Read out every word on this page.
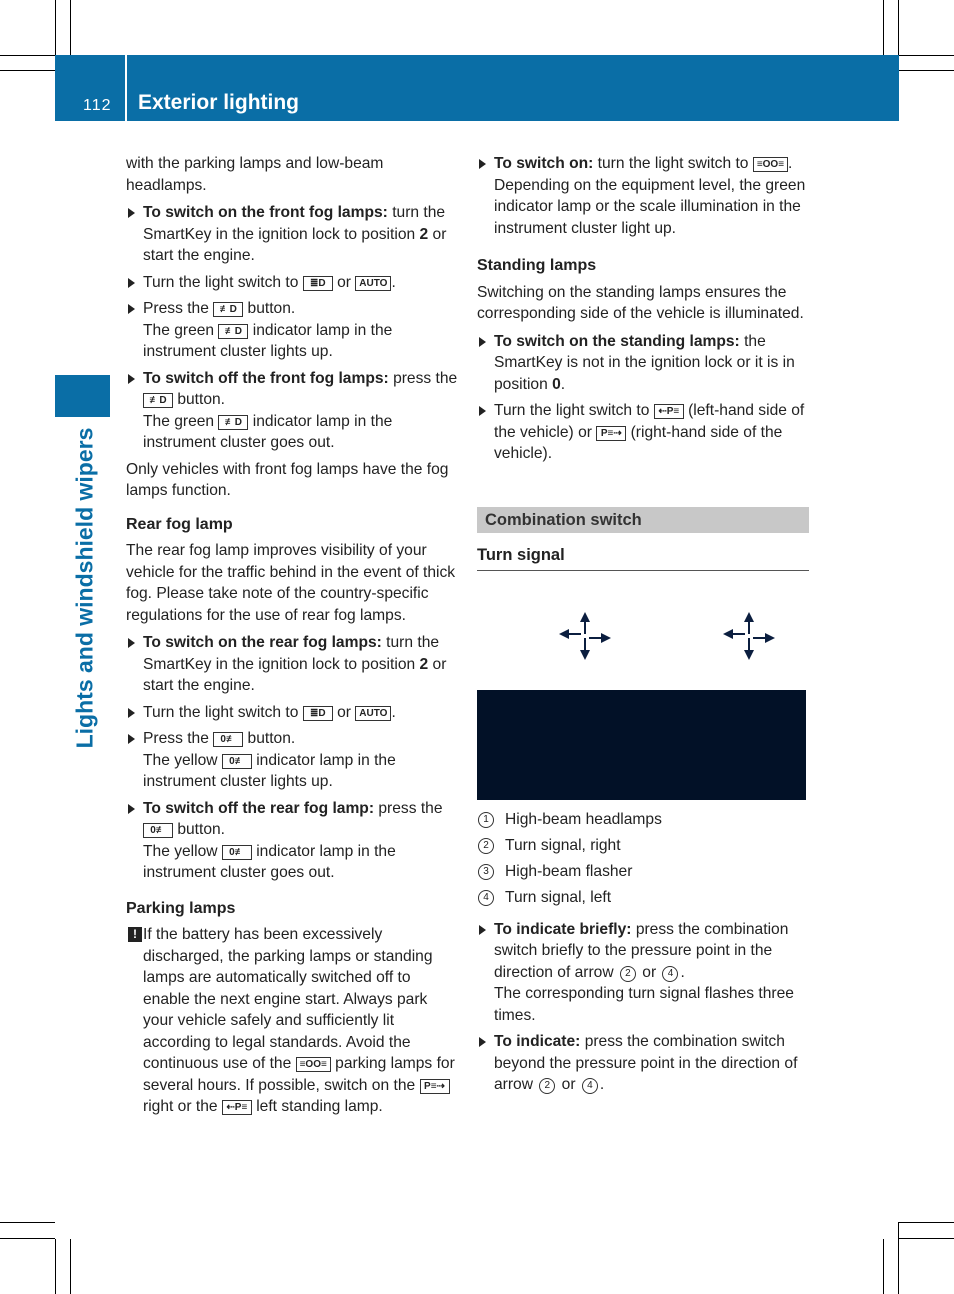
112 Exterior lighting
Lights and windshield wipers

with the parking lamps and low-beam headlamps.

To switch on the front fog lamps: turn the SmartKey in the ignition lock to position 2 or start the engine.

Turn the light switch to ≣D or AUTO .

Press the ≢D button.

The green ≢D indicator lamp in the
instrument cluster lights up.

To switch off the front fog lamps: press the ≢D button.

The green ≢D indicator lamp in the
instrument cluster goes out.

Only vehicles with front fog lamps have the fog lamps function.

Rear fog lamp

The rear fog lamp improves visibility of your vehicle for the traffic behind in the event of thick fog. Please take note of the country-specific regulations for the use of rear fog lamps.

To switch on the rear fog lamps: turn the SmartKey in the ignition lock to position 2 or start the engine.

Turn the light switch to ≣D or AUTO .

Press the 0≢ button.

The yellow 0≢ indicator lamp in the
instrument cluster lights up.

To switch off the rear fog lamp: press the 0≢ button.

The yellow 0≢ indicator lamp in the
instrument cluster goes out.

Parking lamps

! If the battery has been excessively discharged, the parking lamps or standing lamps are automatically switched off to enable the next engine start. Always park your vehicle safely and sufficiently lit according to legal standards. Avoid the continuous use of the ≡OO≡ parking lamps for several hours. If possible, switch on the P≡⇢ right or the ⇠P≡ left standing lamp.

To switch on: turn the light switch to ≡OO≡ .

Depending on the equipment level, the green indicator lamp or the scale illumination in the instrument cluster light up.

Standing lamps

Switching on the standing lamps ensures the corresponding side of the vehicle is illuminated.

To switch on the standing lamps: the SmartKey is not in the ignition lock or it is in position 0.

Turn the light switch to ⇠P≡ (left-hand side of the vehicle) or P≡⇢ (right-hand side of the vehicle).

Combination switch
Turn signal
1	High-beam headlamps
2	Turn signal, right
3	High-beam flasher
4	Turn signal, left

To indicate briefly: press the combination switch briefly to the pressure point in the direction of arrow 2 or 4 .

The corresponding turn signal flashes three times.

To indicate: press the combination switch beyond the pressure point in the direction of arrow 2 or 4 .
